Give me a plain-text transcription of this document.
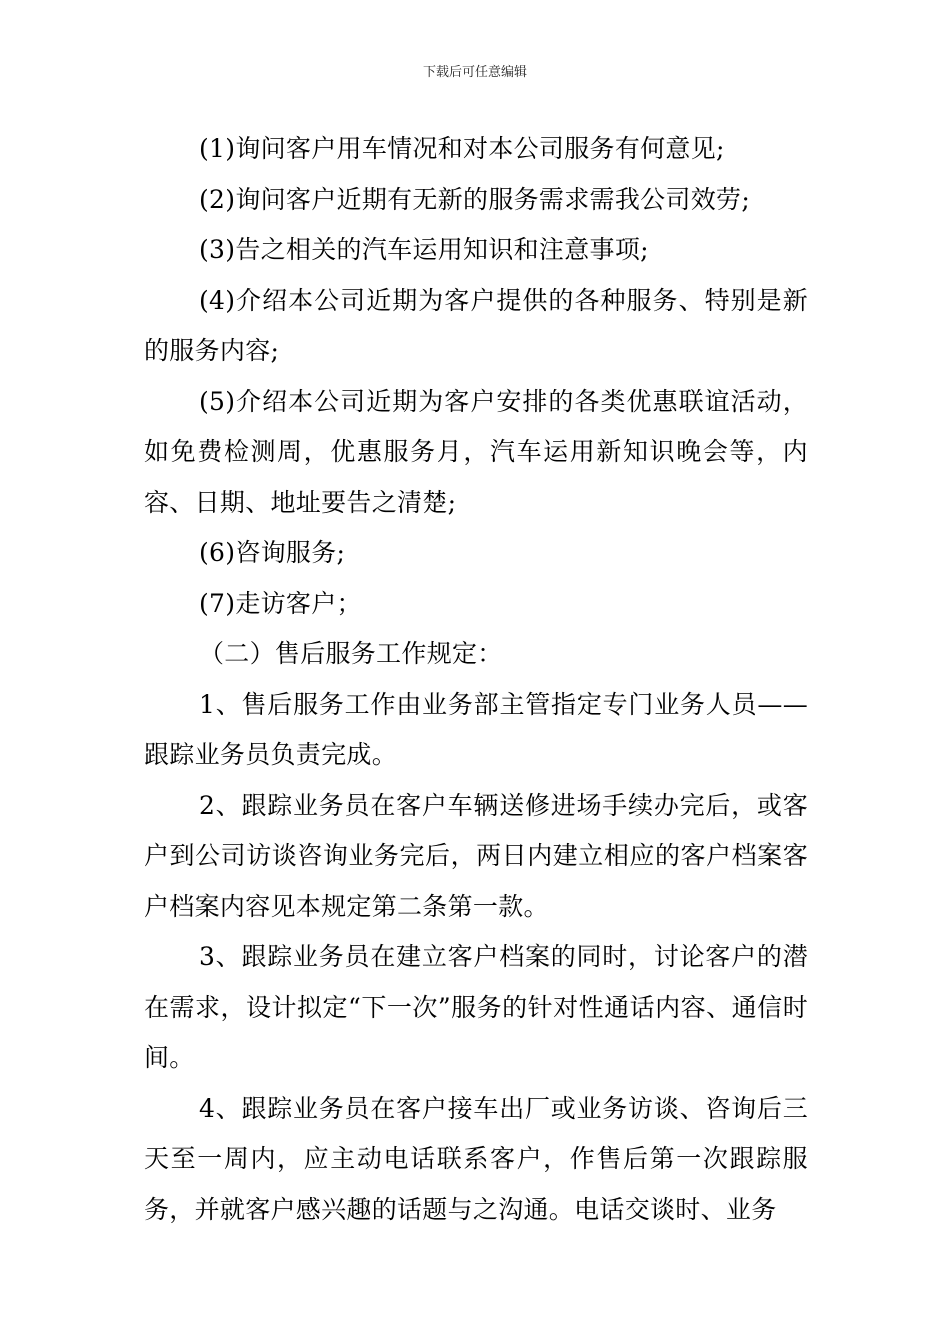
下载后可任意编辑

(1)询问客户用车情况和对本公司服务有何意见;

(2)询问客户近期有无新的服务需求需我公司效劳;

(3)告之相关的汽车运用知识和注意事项;

(4)介绍本公司近期为客户提供的各种服务、特别是新的服务内容;

(5)介绍本公司近期为客户安排的各类优惠联谊活动，如免费检测周，优惠服务月，汽车运用新知识晚会等，内容、日期、地址要告之清楚;

(6)咨询服务;

(7)走访客户；

（二）售后服务工作规定：

1、售后服务工作由业务部主管指定专门业务人员——跟踪业务员负责完成。

2、跟踪业务员在客户车辆送修进场手续办完后，或客户到公司访谈咨询业务完后，两日内建立相应的客户档案客户档案内容见本规定第二条第一款。

3、跟踪业务员在建立客户档案的同时，讨论客户的潜在需求，设计拟定“下一次”服务的针对性通话内容、通信时间。

4、跟踪业务员在客户接车出厂或业务访谈、咨询后三天至一周内，应主动电话联系客户，作售后第一次跟踪服务，并就客户感兴趣的话题与之沟通。电话交谈时、业务
